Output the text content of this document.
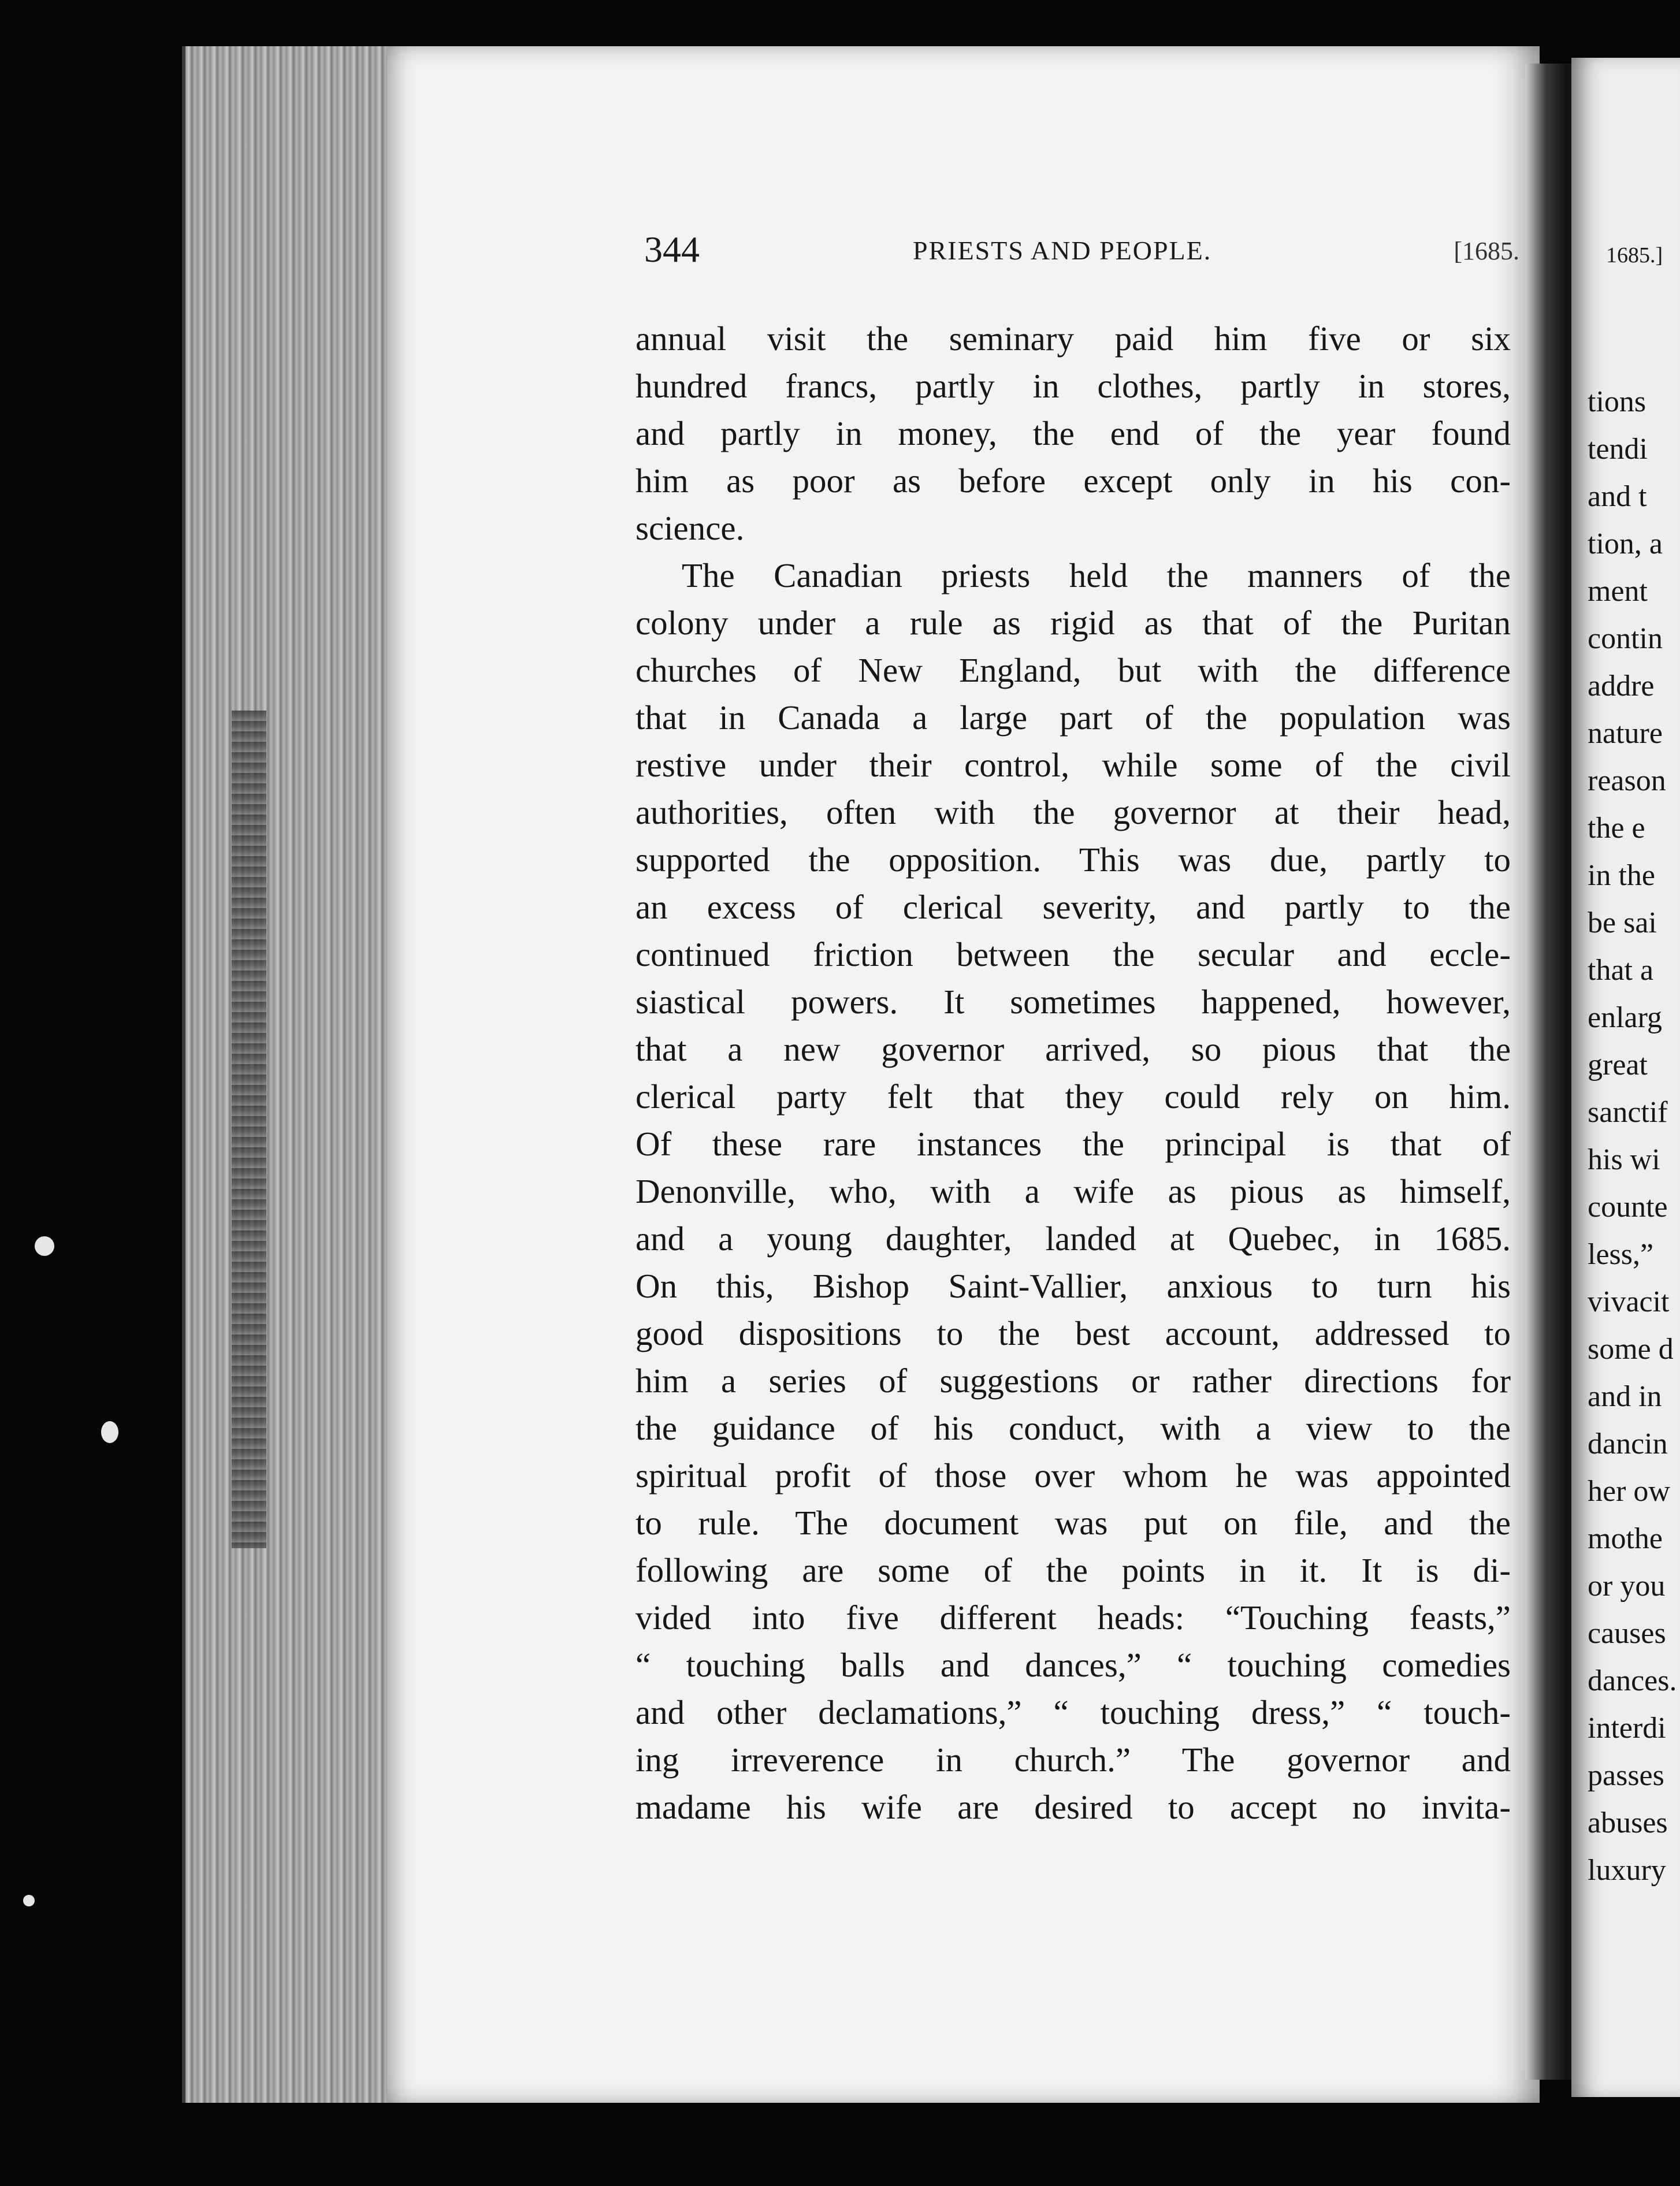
344	PRIESTS AND PEOPLE.	[1685.
annual visit the seminary paid him five or six
hundred francs, partly in clothes, partly in stores,
and partly in money, the end of the year found
him as poor as before except only in his con-
science.
The Canadian priests held the manners of the
colony under a rule as rigid as that of the Puritan
churches of New England, but with the difference
that in Canada a large part of the population was
restive under their control, while some of the civil
authorities, often with the governor at their head,
supported the opposition. This was due, partly to
an excess of clerical severity, and partly to the
continued friction between the secular and eccle-
siastical powers. It sometimes happened, however,
that a new governor arrived, so pious that the
clerical party felt that they could rely on him.
Of these rare instances the principal is that of
Denonville, who, with a wife as pious as himself,
and a young daughter, landed at Quebec, in 1685.
On this, Bishop Saint-Vallier, anxious to turn his
good dispositions to the best account, addressed to
him a series of suggestions or rather directions for
the guidance of his conduct, with a view to the
spiritual profit of those over whom he was appointed
to rule. The document was put on file, and the
following are some of the points in it. It is di-
vided into five different heads: “Touching feasts,”
“ touching balls and dances,” “ touching comedies
and other declamations,” “ touching dress,” “ touch-
ing irreverence in church.” The governor and
madame his wife are desired to accept no invita-
1685.]
tions
tendi
and t
tion, a
ment
contin
addre
nature
reason
the e
in the
be sai
that a
enlarg
great
sanctif
his wi
counte
less,”
vivacit
some d
and in
dancin
her ow
mothe
or you
causes
dances.
interdi
passes
abuses
luxury
